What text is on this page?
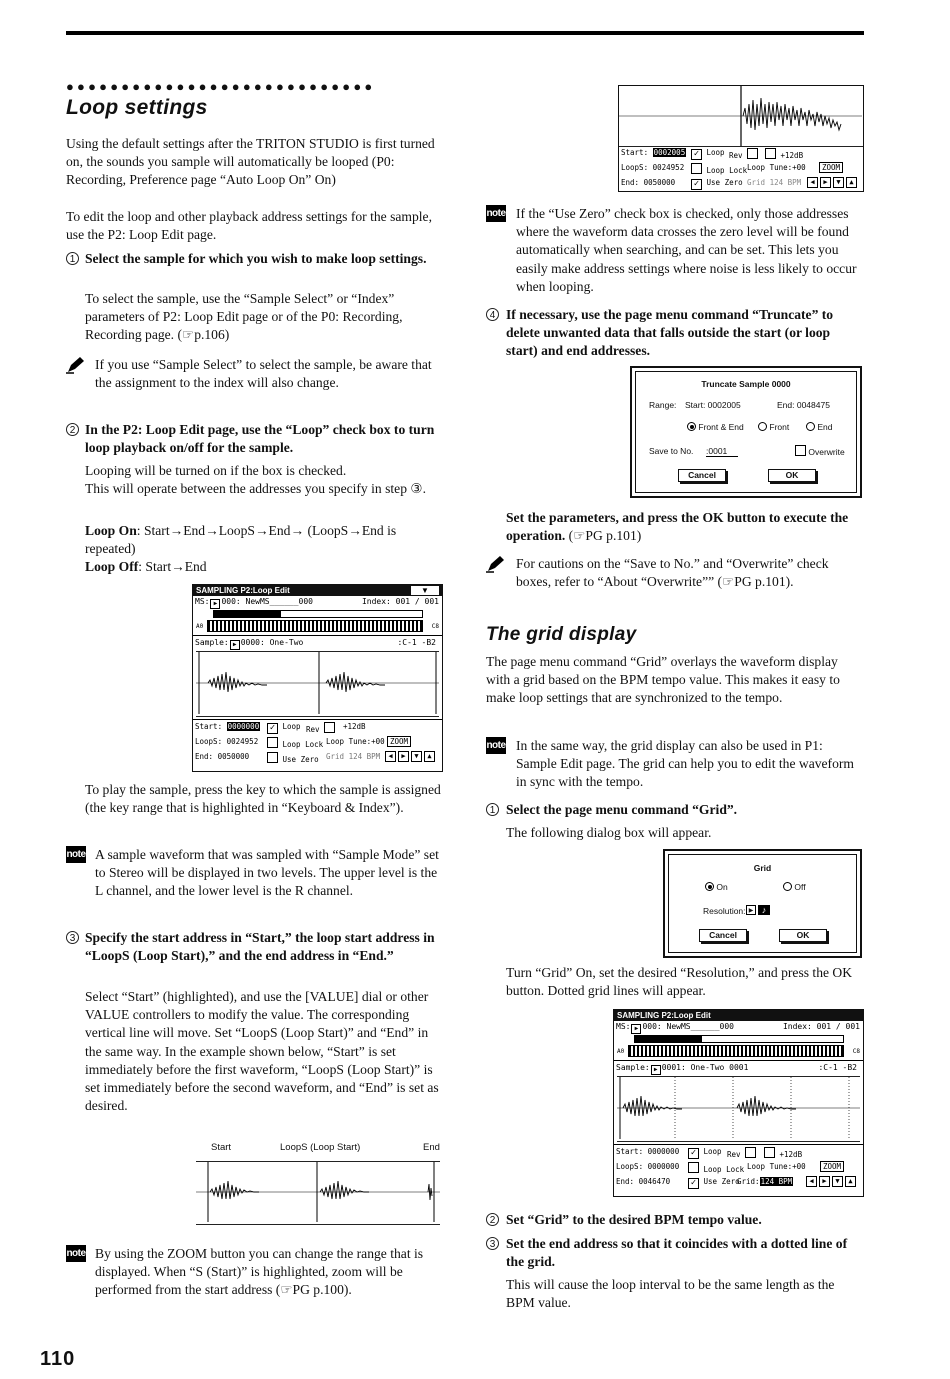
●●●●●●●●●●●●●●●●●●●●●●●●●●●●
Loop settings

Using the default settings after the TRITON STUDIO is first turned on, the sounds you sample will automatically be looped (P0: Recording, Preference page “Auto Loop On” On)

To edit the loop and other playback address settings for the sample, use the P2: Loop Edit page.

1 Select the sample for which you wish to make loop settings.

To select the sample, use the “Sample Select” or “Index” parameters of P2: Loop Edit page or of the P0: Recording, Recording page. (☞p.106)

If you use “Sample Select” to select the sample, be aware that the assignment to the index will also change.

2 In the P2: Loop Edit page, use the “Loop” check box to turn loop playback on/off for the sample.

Looping will be turned on if the box is checked.

This will operate between the addresses you specify in step ③.

Loop On: Start→End→LoopS→End→ (LoopS→End is repeated)

Loop Off: Start→End

SAMPLING P2:Loop Edit	▼
MS: ▶ 000: NewMS______000	Index: 001 / 001
A0	C8
Sample: ▶ 0000: One-Two	:C-1 -B2
Start: 0000000	✓ Loop Rev	+12dB
LoopS: 0024952	Loop Lock Loop Tune:+00 ZOOM
End: 0050000	Use Zero Grid 124 BPM	◀	▶	▼	▲

To play the sample, press the key to which the sample is assigned (the key range that is highlighted in “Keyboard & Index”).

note A sample waveform that was sampled with “Sample Mode” set to Stereo will be displayed in two levels. The upper level is the L channel, and the lower level is the R channel.

3 Specify the start address in “Start,” the loop start address in “LoopS (Loop Start),” and the end address in “End.”

Select “Start” (highlighted), and use the [VALUE] dial or other VALUE controllers to modify the value. The corresponding vertical line will move. Set “LoopS (Loop Start)” and “End” in the same way. In the example shown below, “Start” is set immediately before the first waveform, “LoopS (Loop Start)” is set immediately before the second waveform, and “End” is set as desired.

Start	LoopS (Loop Start)	End
note By using the ZOOM button you can change the range that is displayed. When “S (Start)” is highlighted, zoom will be performed from the start address (☞PG p.100).

110
Start: 0002005 ✓ Loop Rev	+12dB
LoopS: 0024952	Loop Lock Loop Tune:+00	ZOOM
End: 0050000	✓ Use Zero Grid 124 BPM	◀	▶	▼	▲
note If the “Use Zero” check box is checked, only those addresses where the waveform data crosses the zero level will be found automatically when searching, and can be set. This lets you easily make address settings where noise is less likely to occur when looping.

4 If necessary, use the page menu command “Truncate” to delete unwanted data that falls outside the start (or loop start) and end addresses.

Truncate Sample 0000
Range: Start: 0002005	End: 0048475
Front & End	Front	End
Save to No. :0001	Overwrite
Cancel	OK

Set the parameters, and press the OK button to execute the operation. (☞PG p.101)

For cautions on the “Save to No.” and “Overwrite” check boxes, refer to “About “Overwrite”” (☞PG p.101).

The grid display

The page menu command “Grid” overlays the waveform display with a grid based on the BPM tempo value. This makes it easy to make loop settings that are synchronized to the tempo.

note In the same way, the grid display can also be used in P1: Sample Edit page. The grid can help you to edit the waveform in sync with the tempo.

1 Select the page menu command “Grid”.

The following dialog box will appear.

Grid
On	Off
Resolution: ▶ ♪
Cancel	OK

Turn “Grid” On, set the desired “Resolution,” and press the OK button. Dotted grid lines will appear.

SAMPLING P2:Loop Edit
MS: ▶ 000: NewMS______000	Index: 001 / 001
A0	C8
Sample: ▶ 0001: One-Two 0001	:C-1 -B2
Start: 0000000	✓ Loop Rev	+12dB
LoopS: 0000000	Loop Lock Loop Tune:+00	ZOOM
End: 0046470	✓ Use Zero
Grid:124 BPM	◀	▶	▼	▲
2 Set “Grid” to the desired BPM tempo value.

3 Set the end address so that it coincides with a dotted line of the grid.

This will cause the loop interval to be the same length as the BPM value.
